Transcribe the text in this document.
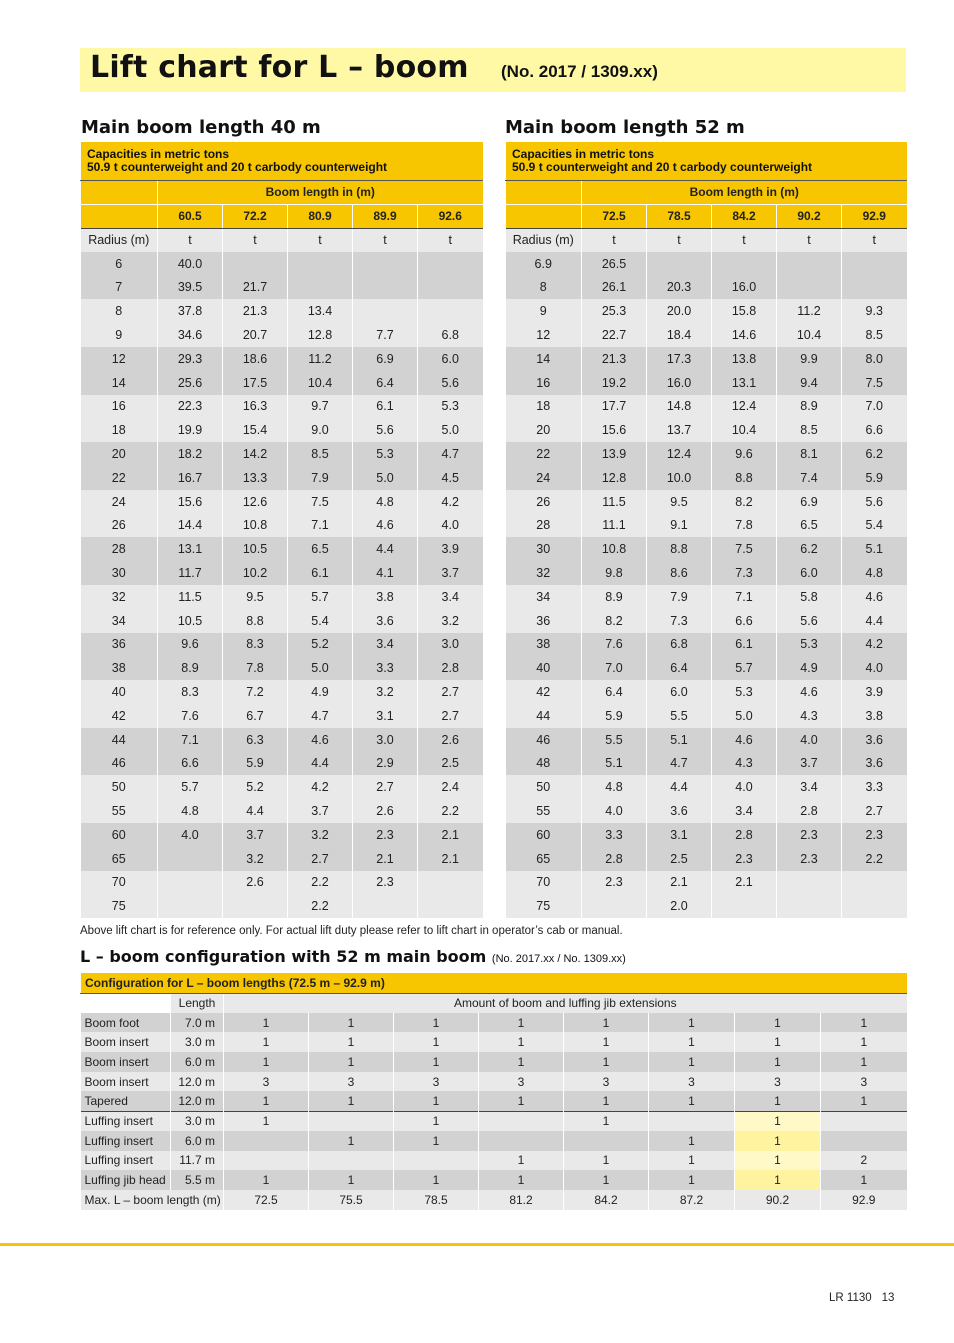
Lift chart for L – boom (No. 2017 / 1309.xx)
Main boom length 40 m	Main boom length 52 m
Capacities in metric tons
50.9 t counterweight and 20 t carbody counterweight					

	Boom length in (m)				
	60.5	72.2	80.9	89.9	92.6
Radius (m)	t	t	t	t	t
6	40.0				
7	39.5	21.7			
8	37.8	21.3	13.4		
9	34.6	20.7	12.8	7.7	6.8
12	29.3	18.6	11.2	6.9	6.0
14	25.6	17.5	10.4	6.4	5.6
16	22.3	16.3	9.7	6.1	5.3
18	19.9	15.4	9.0	5.6	5.0
20	18.2	14.2	8.5	5.3	4.7
22	16.7	13.3	7.9	5.0	4.5
24	15.6	12.6	7.5	4.8	4.2
26	14.4	10.8	7.1	4.6	4.0
28	13.1	10.5	6.5	4.4	3.9
30	11.7	10.2	6.1	4.1	3.7
32	11.5	9.5	5.7	3.8	3.4
34	10.5	8.8	5.4	3.6	3.2
36	9.6	8.3	5.2	3.4	3.0
38	8.9	7.8	5.0	3.3	2.8
40	8.3	7.2	4.9	3.2	2.7
42	7.6	6.7	4.7	3.1	2.7
44	7.1	6.3	4.6	3.0	2.6
46	6.6	5.9	4.4	2.9	2.5
50	5.7	5.2	4.2	2.7	2.4
55	4.8	4.4	3.7	2.6	2.2
60	4.0	3.7	3.2	2.3	2.1
65		3.2	2.7	2.1	2.1
70		2.6	2.2	2.3	
75			2.2		
Capacities in metric tons
50.9 t counterweight and 20 t carbody counterweight					

	Boom length in (m)				
	72.5	78.5	84.2	90.2	92.9
Radius (m)	t	t	t	t	t
6.9	26.5				
8	26.1	20.3	16.0		
9	25.3	20.0	15.8	11.2	9.3
12	22.7	18.4	14.6	10.4	8.5
14	21.3	17.3	13.8	9.9	8.0
16	19.2	16.0	13.1	9.4	7.5
18	17.7	14.8	12.4	8.9	7.0
20	15.6	13.7	10.4	8.5	6.6
22	13.9	12.4	9.6	8.1	6.2
24	12.8	10.0	8.8	7.4	5.9
26	11.5	9.5	8.2	6.9	5.6
28	11.1	9.1	7.8	6.5	5.4
30	10.8	8.8	7.5	6.2	5.1
32	9.8	8.6	7.3	6.0	4.8
34	8.9	7.9	7.1	5.8	4.6
36	8.2	7.3	6.6	5.6	4.4
38	7.6	6.8	6.1	5.3	4.2
40	7.0	6.4	5.7	4.9	4.0
42	6.4	6.0	5.3	4.6	3.9
44	5.9	5.5	5.0	4.3	3.8
46	5.5	5.1	4.6	4.0	3.6
48	5.1	4.7	4.3	3.7	3.6
50	4.8	4.4	4.0	3.4	3.3
55	4.0	3.6	3.4	2.8	2.7
60	3.3	3.1	2.8	2.3	2.3
65	2.8	2.5	2.3	2.3	2.2
70	2.3	2.1	2.1		
75		2.0			
Above lift chart is for reference only. For actual lift duty please refer to lift chart in operator’s cab or manual.
L – boom configuration with 52 m main boom (No. 2017.xx / No. 1309.xx)
Configuration for L – boom lengths (72.5 m – 92.9 m)									
	Length	Amount of boom and luffing jib extensions							
Boom foot	7.0 m	1	1	1	1	1	1	1	1
Boom insert	3.0 m	1	1	1	1	1	1	1	1
Boom insert	6.0 m	1	1	1	1	1	1	1	1
Boom insert	12.0 m	3	3	3	3	3	3	3	3
Tapered	12.0 m	1	1	1	1	1	1	1	1
Luffing insert	3.0 m	1		1		1		1	
Luffing insert	6.0 m		1	1			1	1	
Luffing insert	11.7 m				1	1	1	1	2
Luffing jib head	5.5 m	1	1	1	1	1	1	1	1
Max. L – boom length (m)		72.5	75.5	78.5	81.2	84.2	87.2	90.2	92.9
LR 1130 13
